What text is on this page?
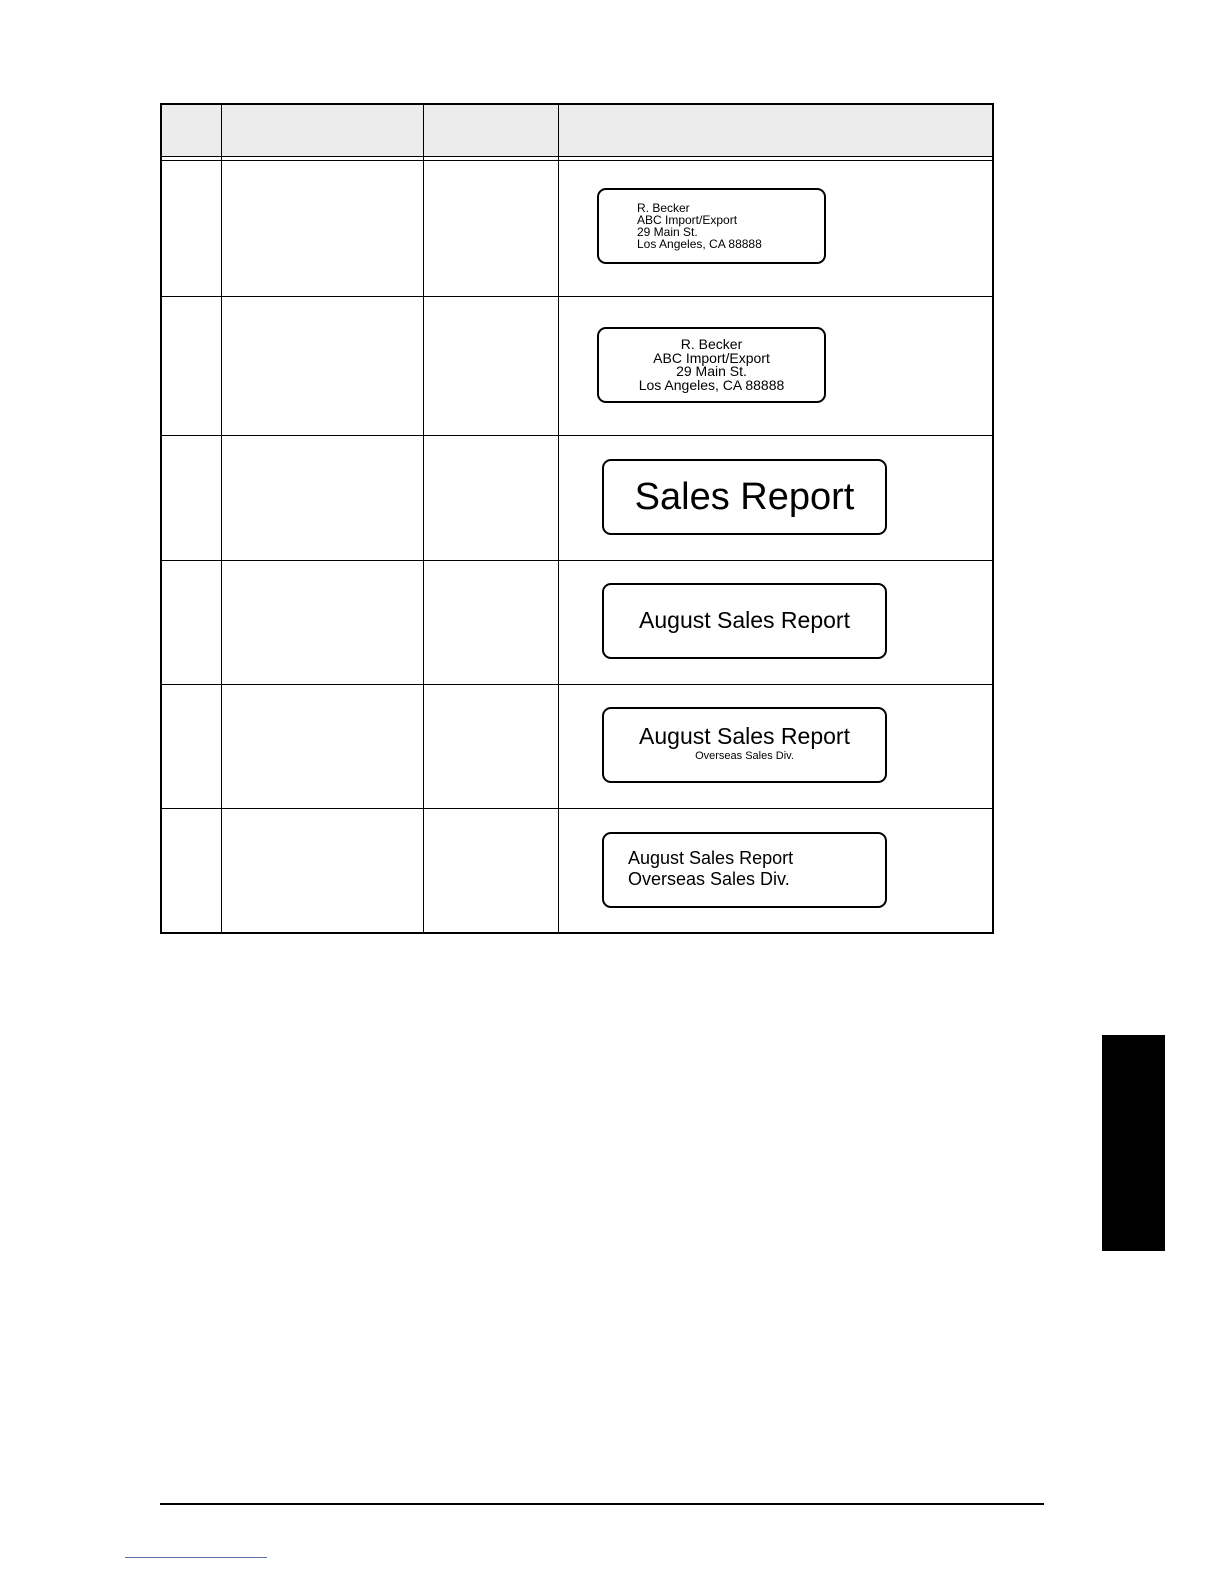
R. Becker
ABC Import/Export
29 Main St.
Los Angeles, CA 88888
R. Becker
ABC Import/Export
29 Main St.
Los Angeles, CA 88888
Sales Report
August Sales Report
August Sales Report
Overseas Sales Div.
August Sales Report
Overseas Sales Div.
